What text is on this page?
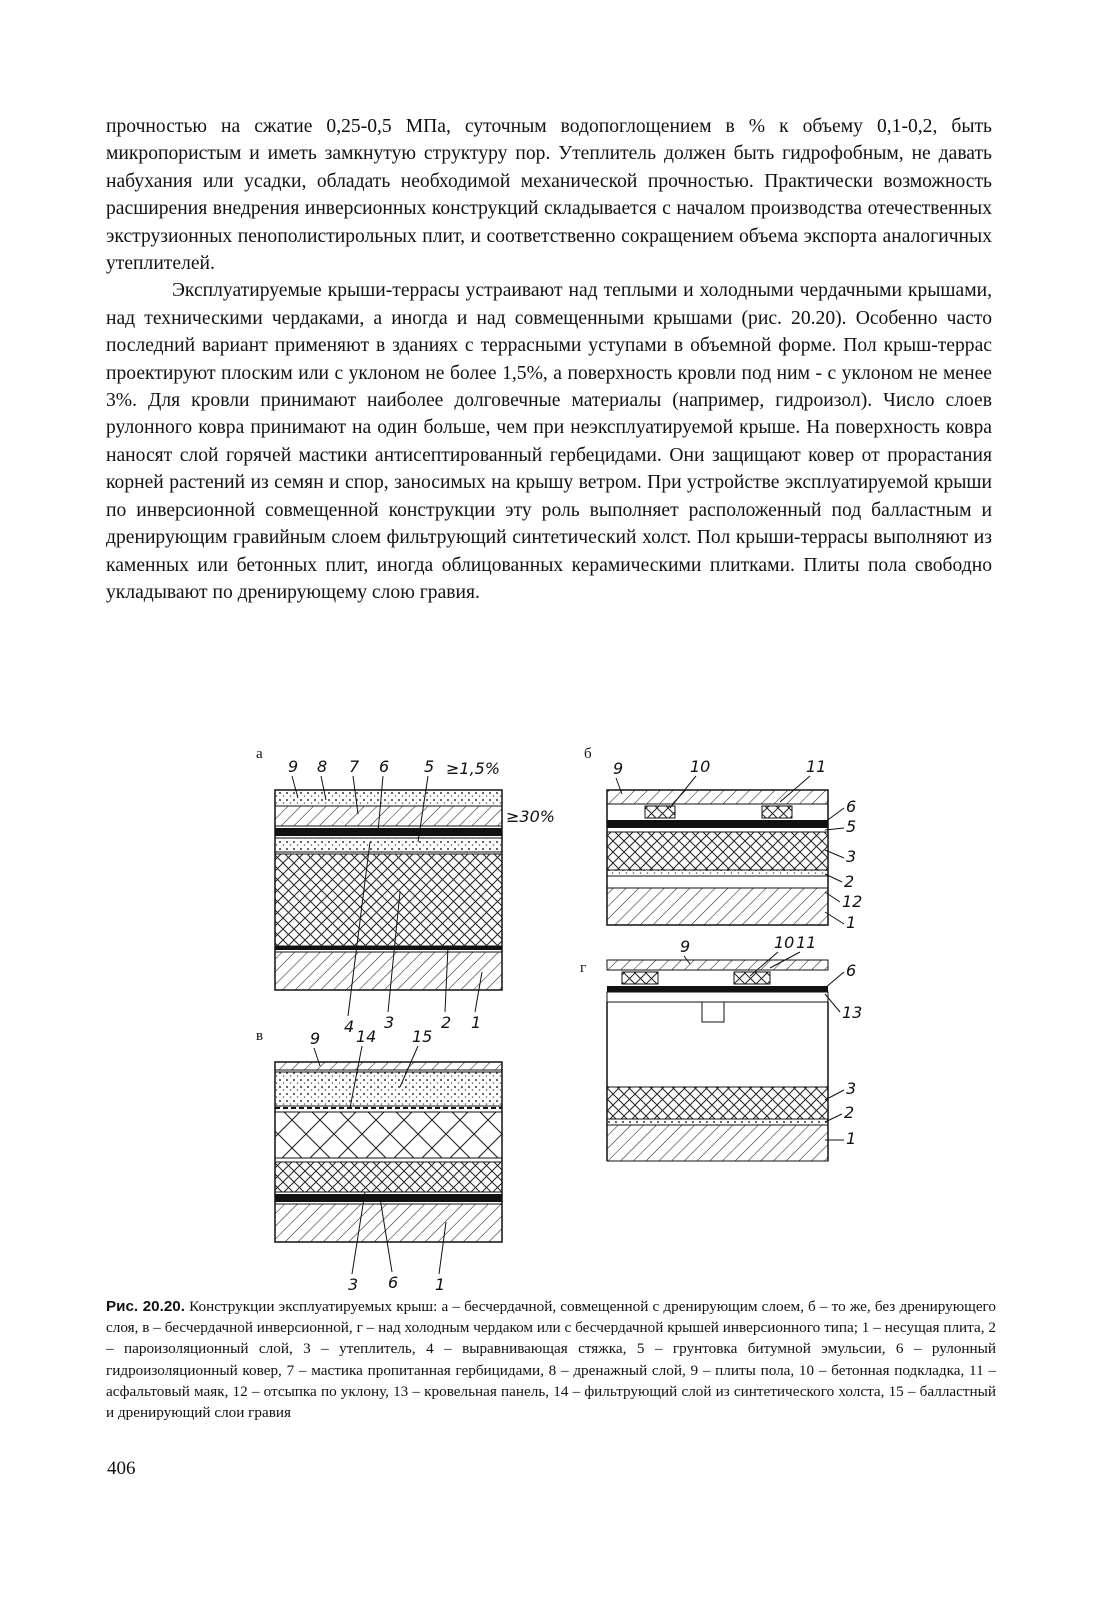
прочностью на сжатие 0,25-0,5 МПа, суточным водопоглощением в % к объему 0,1-0,2, быть микропористым и иметь замкнутую структуру пор. Утеплитель должен быть гидрофобным, не давать набухания или усадки, обладать необходимой механической прочностью. Практически возможность расширения внедрения инверсионных конструкций складывается с началом производства отечественных экструзионных пенополистирольных плит, и соответственно сокращением объема экспорта аналогичных утеплителей.

Эксплуатируемые крыши-террасы устраивают над теплыми и холодными чердачными крышами, над техническими чердаками, а иногда и над совмещенными крышами (рис. 20.20). Особенно часто последний вариант применяют в зданиях с террасными уступами в объемной форме. Пол крыш-террас проектируют плоским или с уклоном не более 1,5%, а поверхность кровли под ним - с уклоном не менее 3%. Для кровли принимают наиболее долговечные материалы (например, гидроизол). Число слоев рулонного ковра принимают на один больше, чем при неэксплуатируемой крыше. На поверхность ковра наносят слой горячей мастики антисептированный гербецидами. Они защищают ковер от прорастания корней растений из семян и спор, заносимых на крышу ветром. При устройстве эксплуатируемой крыши по инверсионной совмещенной конструкции эту роль выполняет расположенный под балластным и дренирующим гравийным слоем фильтрующий синтетический холст. Пол крыши-террасы выполняют из каменных или бетонных плит, иногда облицованных керамическими плитками. Плиты пола свободно укладывают по дренирующему слою гравия.

а
9 8 7 6 5
4 3	2 1
≥1,5%
≥30%
б
9	10	11
6
5
3
2
12
1
г
9	10 11
6
13
3
2
1
в	9 14 15
3 6 1
Рис. 20.20. Конструкции эксплуатируемых крыш: а – бесчердачной, совмещенной с дренирующим слоем, б – то же, без дренирующего слоя, в – бесчердачной инверсионной, г – над холодным чердаком или с бесчердачной крышей инверсионного типа; 1 – несущая плита, 2 – пароизоляционный слой, 3 – утеплитель, 4 – выравнивающая стяжка, 5 – грунтовка битумной эмульсии, 6 – рулонный гидроизоляционный ковер, 7 – мастика пропитанная гербицидами, 8 – дренажный слой, 9 – плиты пола, 10 – бетонная подкладка, 11 – асфальтовый маяк, 12 – отсыпка по уклону, 13 – кровельная панель, 14 – фильтрующий слой из синтетического холста, 15 – балластный и дренирующий слои гравия
406
